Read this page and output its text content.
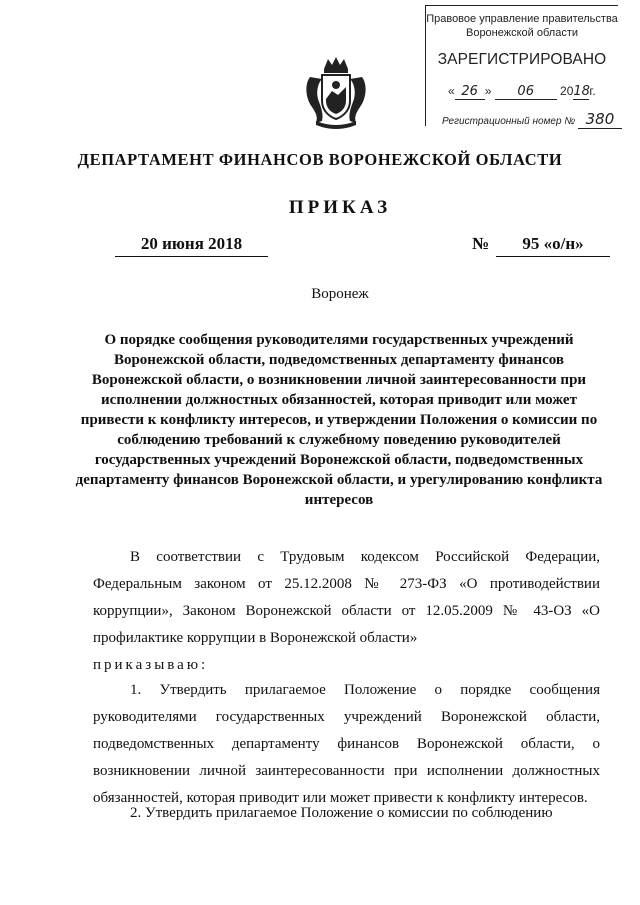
Правовое управление правительства
Воронежской области
ЗАРЕГИСТРИРОВАНО
« 26 » 06 2018г.
Регистрационный номер № 380
ДЕПАРТАМЕНТ ФИНАНСОВ ВОРОНЕЖСКОЙ ОБЛАСТИ
ПРИКАЗ
20 июня 2018	№	95 «о/н»
Воронеж
О порядке сообщения руководителями государственных учреждений Воронежской области, подведомственных департаменту финансов Воронежской области, о возникновении личной заинтересованности при исполнении должностных обязанностей, которая приводит или может привести к конфликту интересов, и утверждении Положения о комиссии по соблюдению требований к служебному поведению руководителей государственных учреждений Воронежской области, подведомственных департаменту финансов Воронежской области, и урегулированию конфликта интересов
В соответствии с Трудовым кодексом Российской Федерации, Федеральным законом от 25.12.2008 № 273-ФЗ «О противодействии коррупции», Законом Воронежской области от 12.05.2009 № 43-ОЗ «О профилактике коррупции в Воронежской области»
приказываю:
1. Утвердить прилагаемое Положение о порядке сообщения руководителями государственных учреждений Воронежской области, подведомственных департаменту финансов Воронежской области, о возникновении личной заинтересованности при исполнении должностных обязанностей, которая приводит или может привести к конфликту интересов.
2. Утвердить прилагаемое Положение о комиссии по соблюдению
